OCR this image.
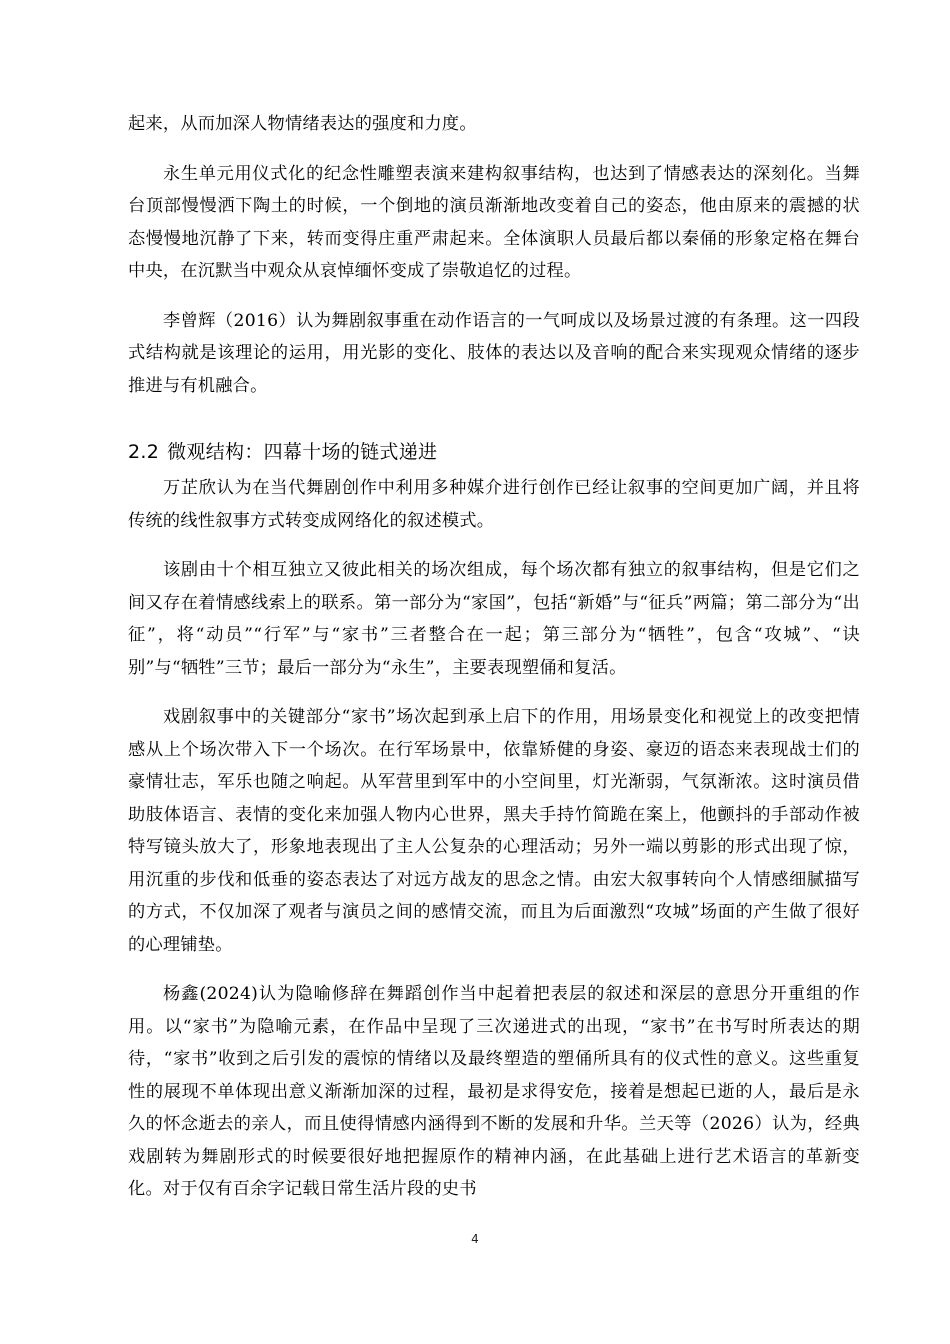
起来，从而加深人物情绪表达的强度和力度。

永生单元用仪式化的纪念性雕塑表演来建构叙事结构，也达到了情感表达的深刻化。当舞台顶部慢慢洒下陶土的时候，一个倒地的演员渐渐地改变着自己的姿态，他由原来的震撼的状态慢慢地沉静了下来，转而变得庄重严肃起来。全体演职人员最后都以秦俑的形象定格在舞台中央，在沉默当中观众从哀悼缅怀变成了崇敬追忆的过程。

李曾辉（2016）认为舞剧叙事重在动作语言的一气呵成以及场景过渡的有条理。这一四段式结构就是该理论的运用，用光影的变化、肢体的表达以及音响的配合来实现观众情绪的逐步推进与有机融合。

2.2 微观结构：四幕十场的链式递进

万芷欣认为在当代舞剧创作中利用多种媒介进行创作已经让叙事的空间更加广阔，并且将传统的线性叙事方式转变成网络化的叙述模式。

该剧由十个相互独立又彼此相关的场次组成，每个场次都有独立的叙事结构，但是它们之间又存在着情感线索上的联系。第一部分为“家国”，包括“新婚”与“征兵”两篇；第二部分为“出征”，将“动员”“行军”与“家书”三者整合在一起；第三部分为“牺牲”，包含“攻城”、“诀别”与“牺牲”三节；最后一部分为“永生”，主要表现塑俑和复活。

戏剧叙事中的关键部分“家书”场次起到承上启下的作用，用场景变化和视觉上的改变把情感从上个场次带入下一个场次。在行军场景中，依靠矫健的身姿、豪迈的语态来表现战士们的豪情壮志，军乐也随之响起。从军营里到军中的小空间里，灯光渐弱，气氛渐浓。这时演员借助肢体语言、表情的变化来加强人物内心世界，黑夫手持竹简跪在案上，他颤抖的手部动作被特写镜头放大了，形象地表现出了主人公复杂的心理活动；另外一端以剪影的形式出现了惊，用沉重的步伐和低垂的姿态表达了对远方战友的思念之情。由宏大叙事转向个人情感细腻描写的方式，不仅加深了观者与演员之间的感情交流，而且为后面激烈“攻城”场面的产生做了很好的心理铺垫。

杨鑫(2024)认为隐喻修辞在舞蹈创作当中起着把表层的叙述和深层的意思分开重组的作用。以“家书”为隐喻元素，在作品中呈现了三次递进式的出现，“家书”在书写时所表达的期待，“家书”收到之后引发的震惊的情绪以及最终塑造的塑俑所具有的仪式性的意义。这些重复性的展现不单体现出意义渐渐加深的过程，最初是求得安危，接着是想起已逝的人，最后是永久的怀念逝去的亲人，而且使得情感内涵得到不断的发展和升华。兰天等（2026）认为，经典戏剧转为舞剧形式的时候要很好地把握原作的精神内涵，在此基础上进行艺术语言的革新变化。对于仅有百余字记载日常生活片段的史书

4
